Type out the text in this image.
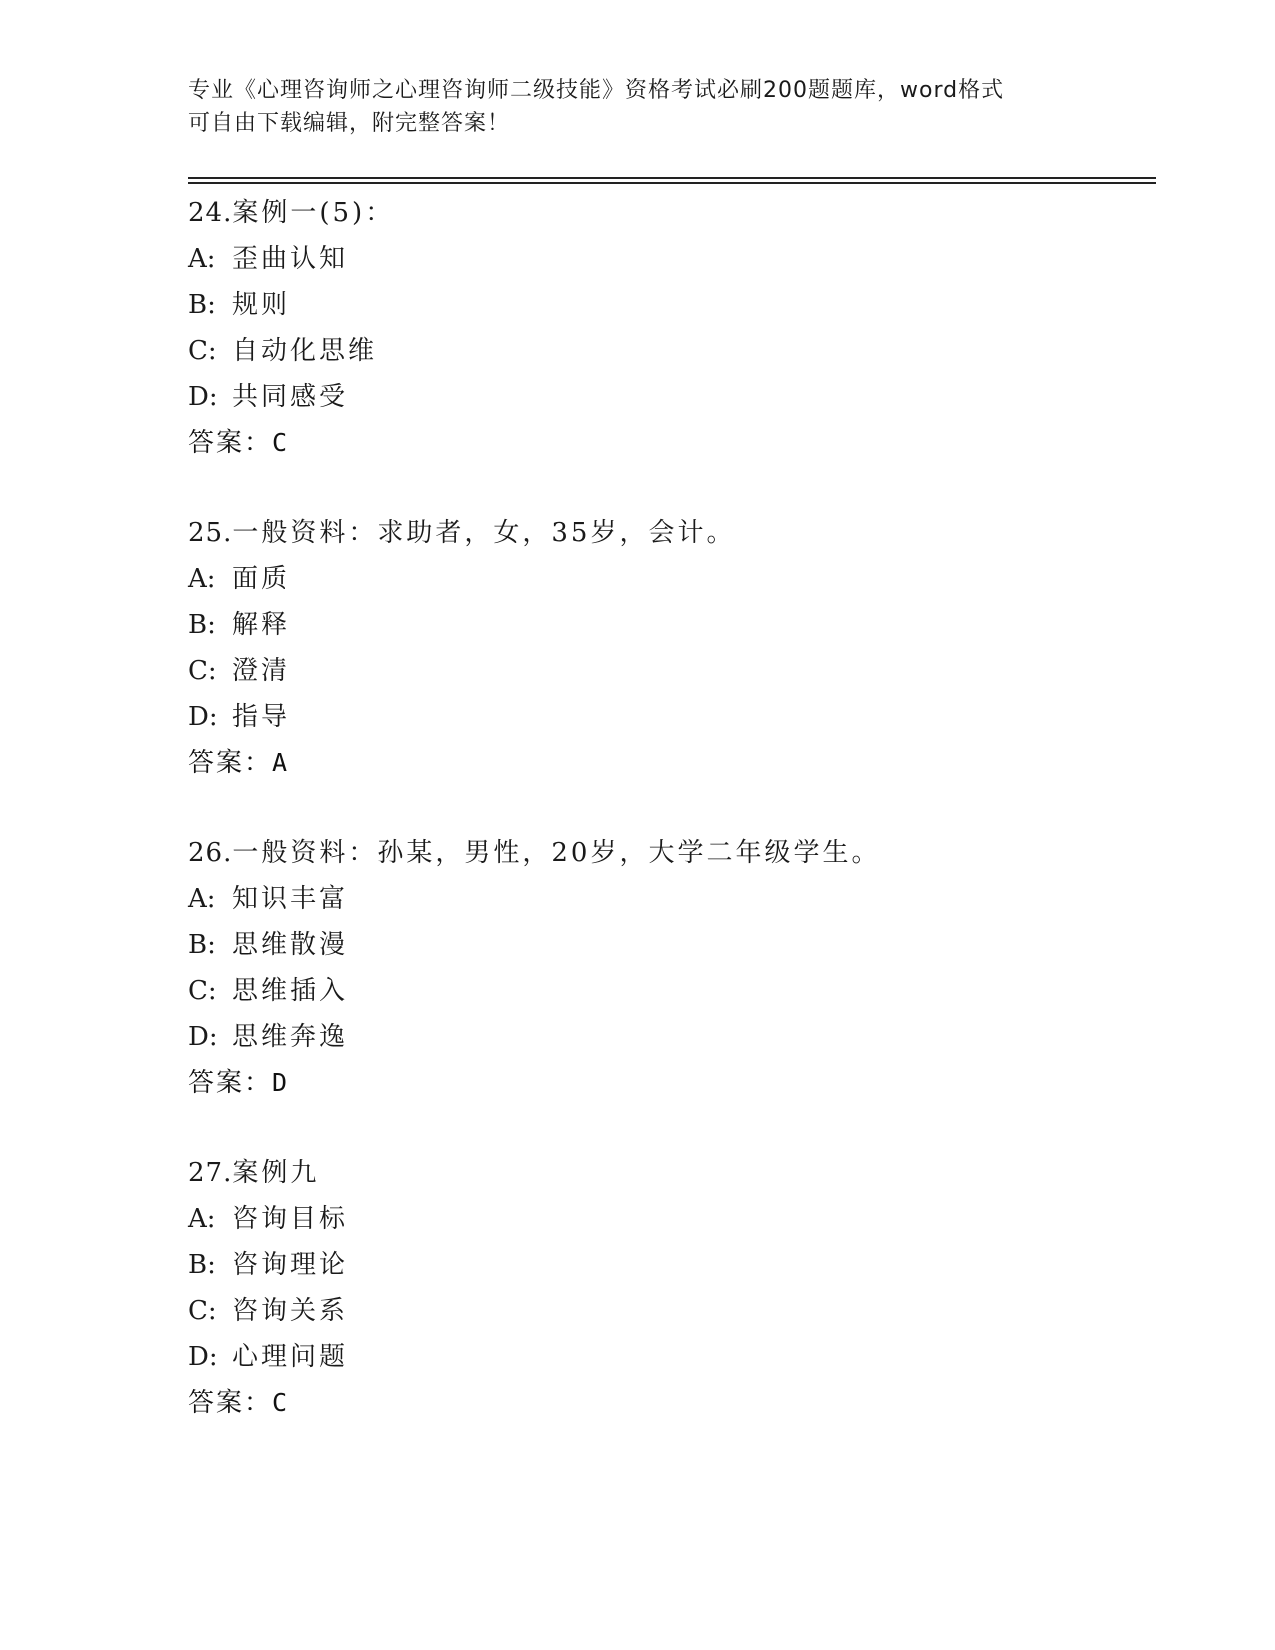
专业《心理咨询师之心理咨询师二级技能》资格考试必刷200题题库，word格式
可自由下载编辑，附完整答案！
24.案例一(5)：
A: 歪曲认知
B: 规则
C: 自动化思维
D: 共同感受
答案：C
25.一般资料：求助者，女，35岁，会计。
A: 面质
B: 解释
C: 澄清
D: 指导
答案：A
26.一般资料：孙某，男性，20岁，大学二年级学生。
A: 知识丰富
B: 思维散漫
C: 思维插入
D: 思维奔逸
答案：D
27.案例九
A: 咨询目标
B: 咨询理论
C: 咨询关系
D: 心理问题
答案：C
